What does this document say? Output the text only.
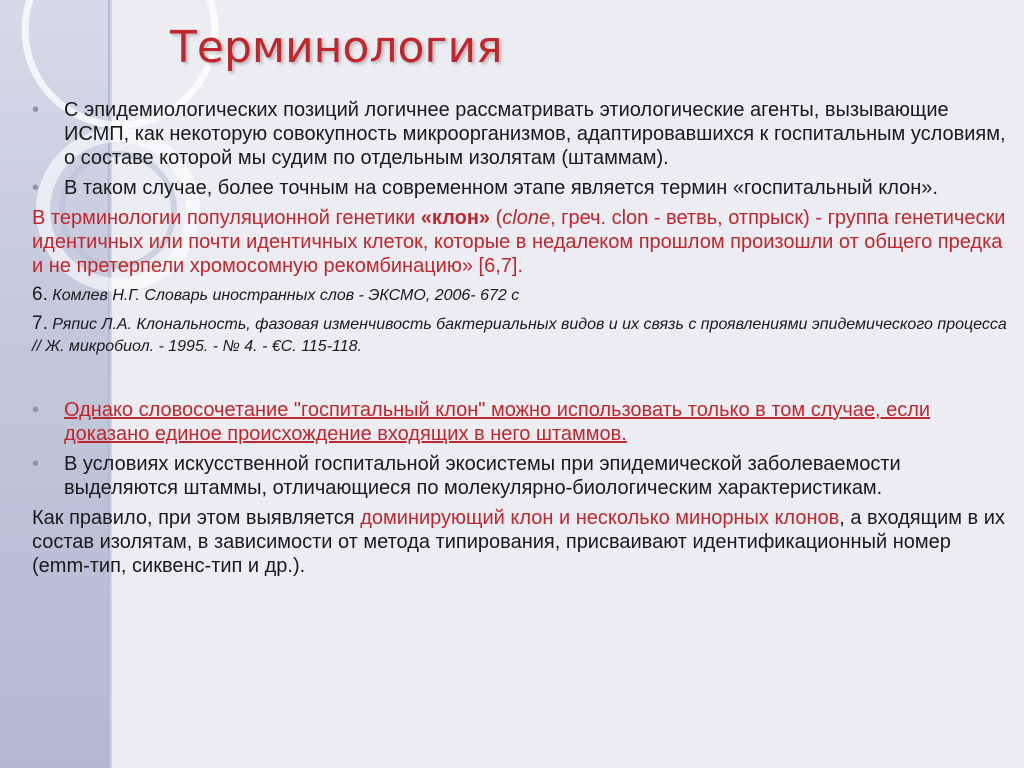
Терминология
• С эпидемиологических позиций логичнее рассматривать этиологические агенты, вызывающие ИСМП, как некоторую совокупность микроорганизмов, адаптировавшихся к госпитальным условиям, о составе которой мы судим по отдельным изолятам (штаммам).
• В таком случае, более точным на современном этапе является термин «госпитальный клон».

В терминологии популяционной генетики «клон» (clone, греч. clon - ветвь, отпрыск) - группа генетически идентичных или почти идентичных клеток, которые в недалеком прошлом произошли от общего предка и не претерпели хромосомную рекомбинацию» [6,7].

6. Комлев Н.Г. Словарь иностранных слов - ЭКСМО, 2006- 672 с

7. Ряпис Л.А. Клональность, фазовая изменчивость бактериальных видов и их связь с проявлениями эпидемического процесса // Ж. микробиол. - 1995. - № 4. - €С. 115-118.

• Однако словосочетание "госпитальный клон" можно использовать только в том случае, если доказано единое происхождение входящих в него штаммов.
• В условиях искусственной госпитальной экосистемы при эпидемической заболеваемости выделяются штаммы, отличающиеся по молекулярно-биологическим характеристикам.

Как правило, при этом выявляется доминирующий клон и несколько минорных клонов, а входящим в их состав изолятам, в зависимости от метода типирования, присваивают идентификационный номер (emm-тип, сиквенс-тип и др.).
